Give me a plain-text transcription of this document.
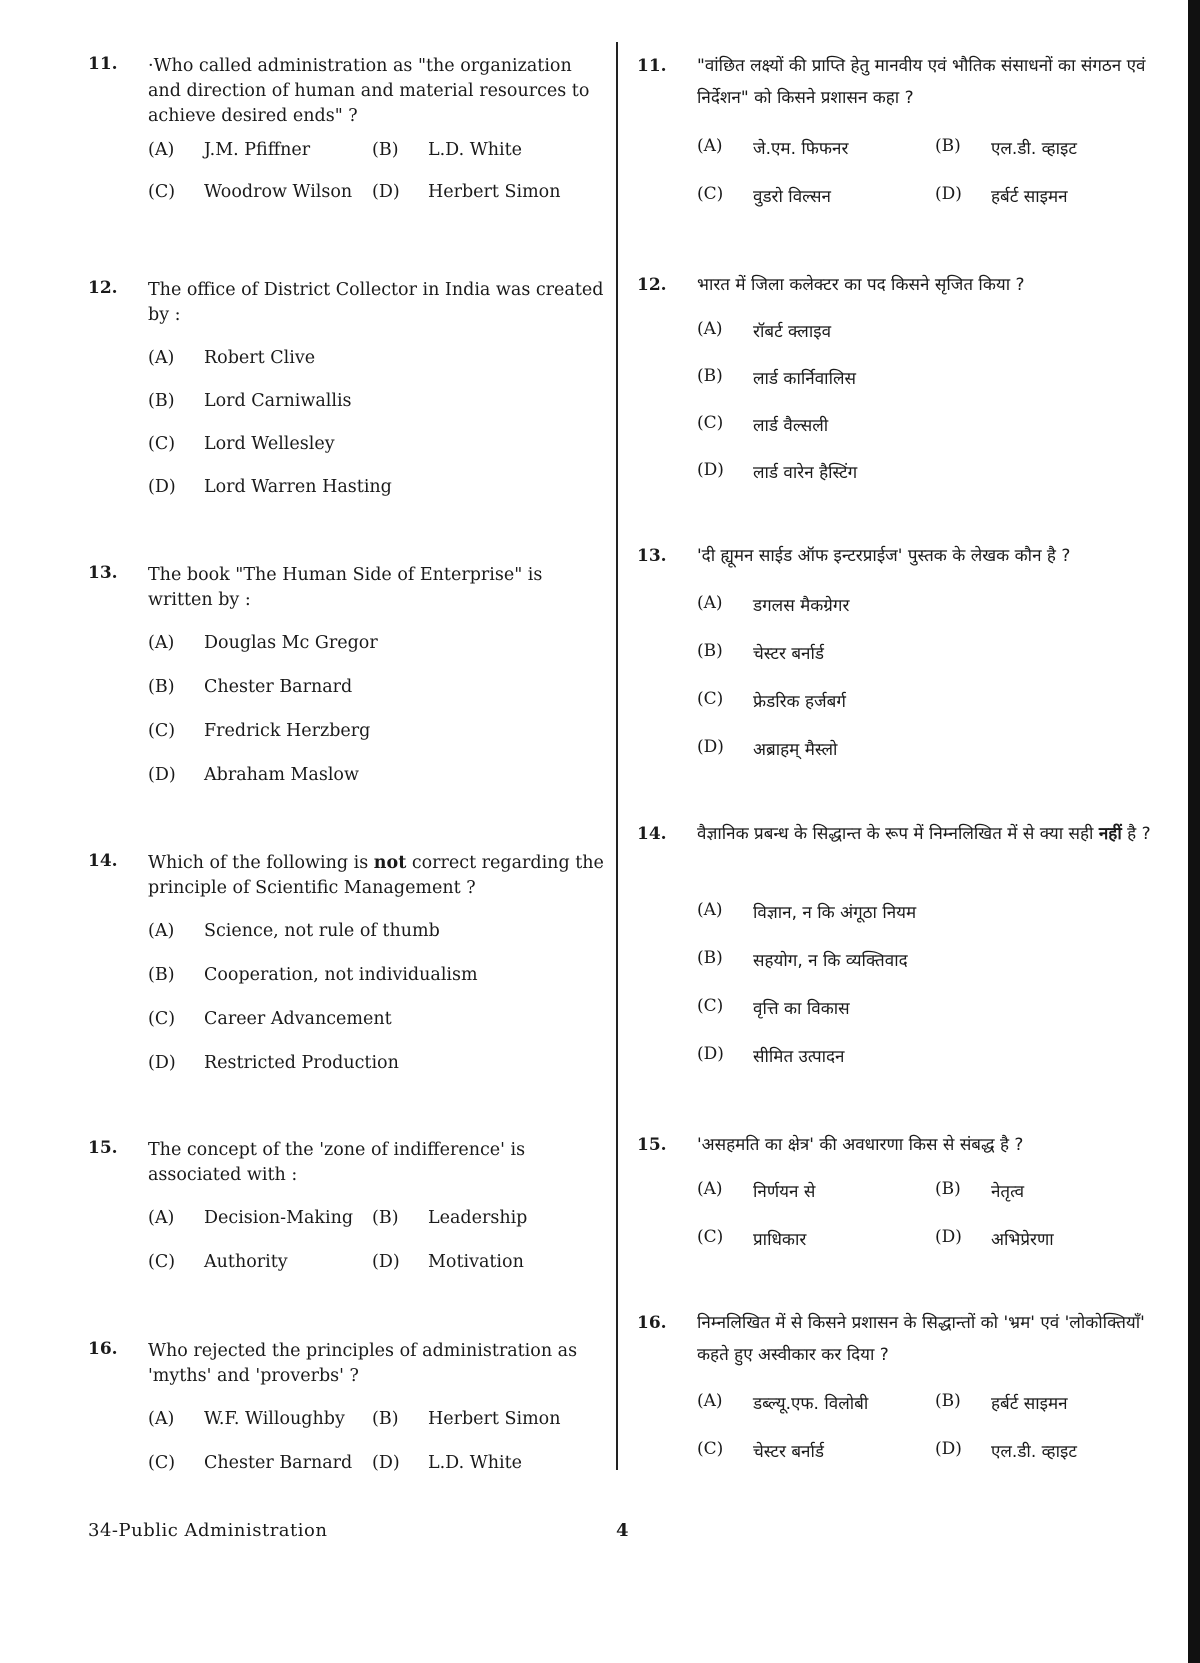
11. ·Who called administration as "the organization and direction of human and material resources to achieve desired ends" ?
(A) J.M. Pfiffner	(B) L.D. White
(C) Woodrow Wilson (D) Herbert Simon
12. The office of District Collector in India was created by :
(A) Robert Clive
(B) Lord Carniwallis
(C) Lord Wellesley
(D) Lord Warren Hasting
13. The book "The Human Side of Enterprise" is written by :
(A) Douglas Mc Gregor
(B) Chester Barnard
(C) Fredrick Herzberg
(D) Abraham Maslow
14. Which of the following is not correct regarding the principle of Scientific Management ?
(A) Science, not rule of thumb
(B) Cooperation, not individualism
(C) Career Advancement
(D) Restricted Production
15. The concept of the 'zone of indifference' is associated with :
(A) Decision-Making (B) Leadership
(C) Authority	(D) Motivation
16. Who rejected the principles of administration as 'myths' and 'proverbs' ?
(A) W.F. Willoughby (B) Herbert Simon
(C) Chester Barnard (D) L.D. White
11. "वांछित लक्ष्यों की प्राप्ति हेतु मानवीय एवं भौतिक संसाधनों का संगठन एवं निर्देशन" को किसने प्रशासन कहा ?
(A) जे.एम. फिफनर	(B) एल.डी. व्हाइट
(C) वुडरो विल्सन	(D) हर्बर्ट साइमन
12. भारत में जिला कलेक्टर का पद किसने सृजित किया ?
(A) रॉबर्ट क्लाइव
(B) लार्ड कार्निवालिस
(C) लार्ड वैल्सली
(D) लार्ड वारेन हैस्टिंग
13. 'दी ह्यूमन साईड ऑफ इन्टरप्राईज' पुस्तक के लेखक कौन है ?
(A) डगलस मैकग्रेगर
(B) चेस्टर बर्नार्ड
(C) फ्रेडरिक हर्जबर्ग
(D) अब्राहम् मैस्लो
14. वैज्ञानिक प्रबन्ध के सिद्धान्त के रूप में निम्नलिखित में से क्या सही नहीं है ?
(A) विज्ञान, न कि अंगूठा नियम
(B) सहयोग, न कि व्यक्तिवाद
(C) वृत्ति का विकास
(D) सीमित उत्पादन
15. 'असहमति का क्षेत्र' की अवधारणा किस से संबद्ध है ?
(A) निर्णयन से	(B) नेतृत्व
(C) प्राधिकार	(D) अभिप्रेरणा
16. निम्नलिखित में से किसने प्रशासन के सिद्धान्तों को 'भ्रम' एवं 'लोकोक्तियाँ' कहते हुए अस्वीकार कर दिया ?
(A) डब्ल्यू.एफ. विलोबी	(B) हर्बर्ट साइमन
(C) चेस्टर बर्नार्ड	(D) एल.डी. व्हाइट
34-Public Administration	4
